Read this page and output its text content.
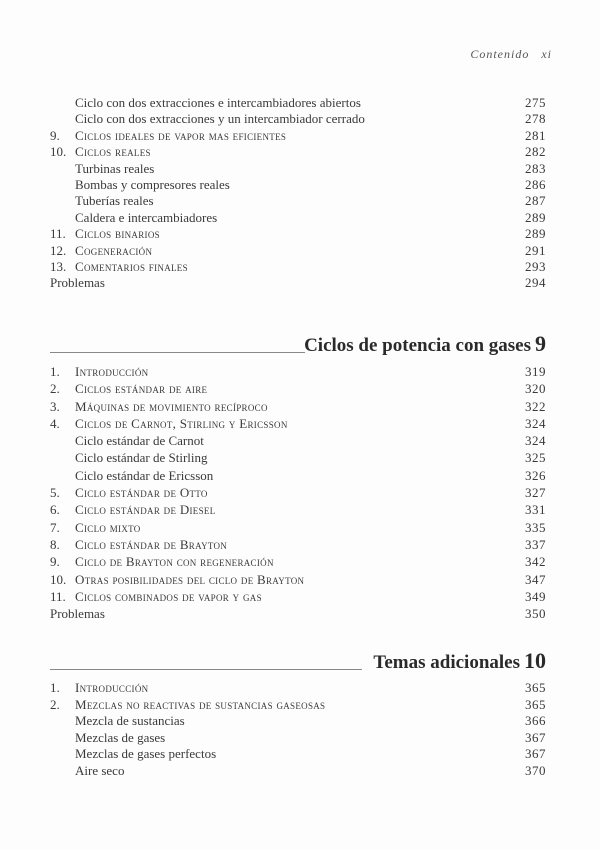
Contenido xi
Ciclo con dos extracciones e intercambiadores abiertos	275
Ciclo con dos extracciones y un intercambiador cerrado	278
9. Ciclos ideales de vapor mas eficientes	281
10. Ciclos reales	282
Turbinas reales	283
Bombas y compresores reales	286
Tuberías reales	287
Caldera e intercambiadores	289
11. Ciclos binarios	289
12. Cogeneración	291
13. Comentarios finales	293
Problemas	294
Ciclos de potencia con gases 9
1. Introducción	319
2. Ciclos estándar de aire	320
3. Máquinas de movimiento recíproco	322
4. Ciclos de Carnot, Stirling y Ericsson	324
Ciclo estándar de Carnot	324
Ciclo estándar de Stirling	325
Ciclo estándar de Ericsson	326
5. Ciclo estándar de Otto	327
6. Ciclo estándar de Diesel	331
7. Ciclo mixto	335
8. Ciclo estándar de Brayton	337
9. Ciclo de Brayton con regeneración	342
10. Otras posibilidades del ciclo de Brayton	347
11. Ciclos combinados de vapor y gas	349
Problemas	350
Temas adicionales 10
1. Introducción	365
2. Mezclas no reactivas de sustancias gaseosas	365
Mezcla de sustancias	366
Mezclas de gases	367
Mezclas de gases perfectos	367
Aire seco	370
